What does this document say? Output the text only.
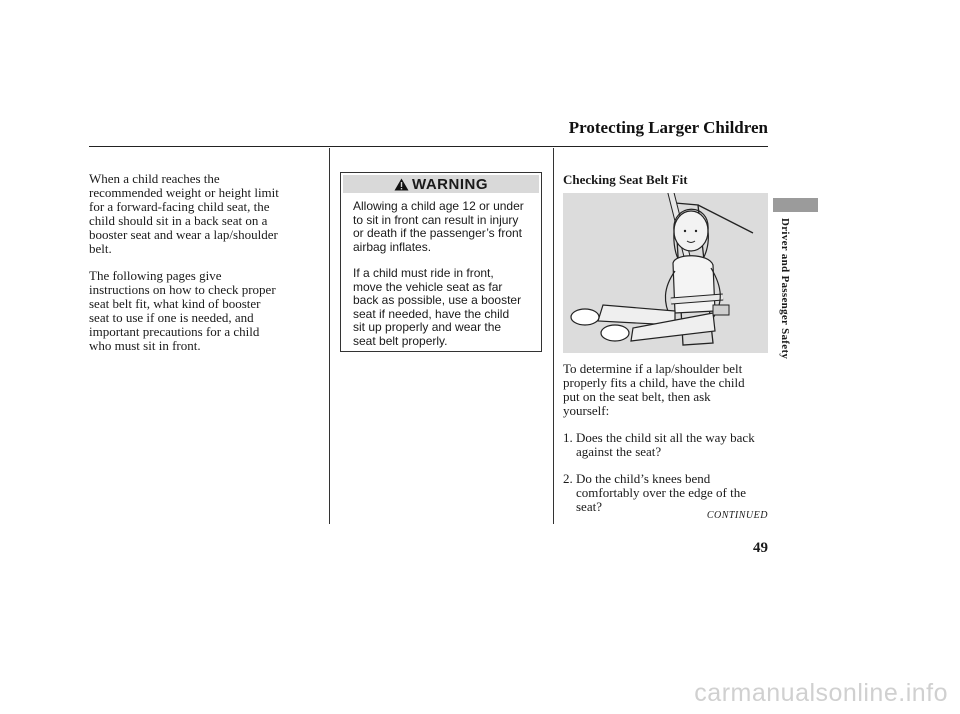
Protecting Larger Children

When a child reaches the
recommended weight or height limit
for a forward-facing child seat, the
child should sit in a back seat on a
booster seat and wear a lap/shoulder
belt.

The following pages give
instructions on how to check proper
seat belt fit, what kind of booster
seat to use if one is needed, and
important precautions for a child
who must sit in front.

WARNING

Allowing a child age 12 or under
to sit in front can result in injury
or death if the passenger’s front
airbag inflates.

If a child must ride in front,
move the vehicle seat as far
back as possible, use a booster
seat if needed, have the child
sit up properly and wear the
seat belt properly.

Checking Seat Belt Fit

To determine if a lap/shoulder belt
properly fits a child, have the child
put on the seat belt, then ask
yourself:

1. Does the child sit all the way back
against the seat?
2. Do the child’s knees bend
comfortably over the edge of the
seat?
CONTINUED
49
Driver and Passenger Safety
carmanualsonline.info
